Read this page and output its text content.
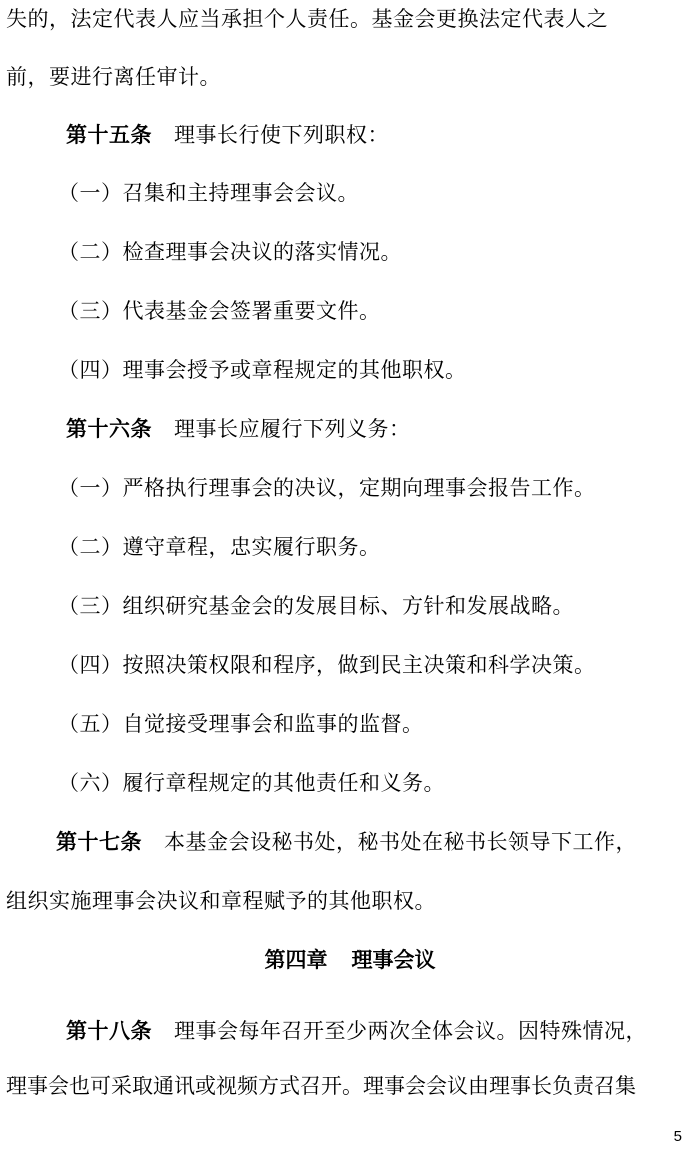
失的，法定代表人应当承担个人责任。基金会更换法定代表人之
前，要进行离任审计。
第十五条 理事长行使下列职权：
（一）召集和主持理事会会议。
（二）检查理事会决议的落实情况。
（三）代表基金会签署重要文件。
（四）理事会授予或章程规定的其他职权。
第十六条 理事长应履行下列义务：
（一）严格执行理事会的决议，定期向理事会报告工作。
（二）遵守章程，忠实履行职务。
（三）组织研究基金会的发展目标、方针和发展战略。
（四）按照决策权限和程序，做到民主决策和科学决策。
（五）自觉接受理事会和监事的监督。
（六）履行章程规定的其他责任和义务。
第十七条 本基金会设秘书处，秘书处在秘书长领导下工作，
组织实施理事会决议和章程赋予的其他职权。
第四章 理事会议
第十八条 理事会每年召开至少两次全体会议。因特殊情况，
理事会也可采取通讯或视频方式召开。理事会会议由理事长负责召集
5
